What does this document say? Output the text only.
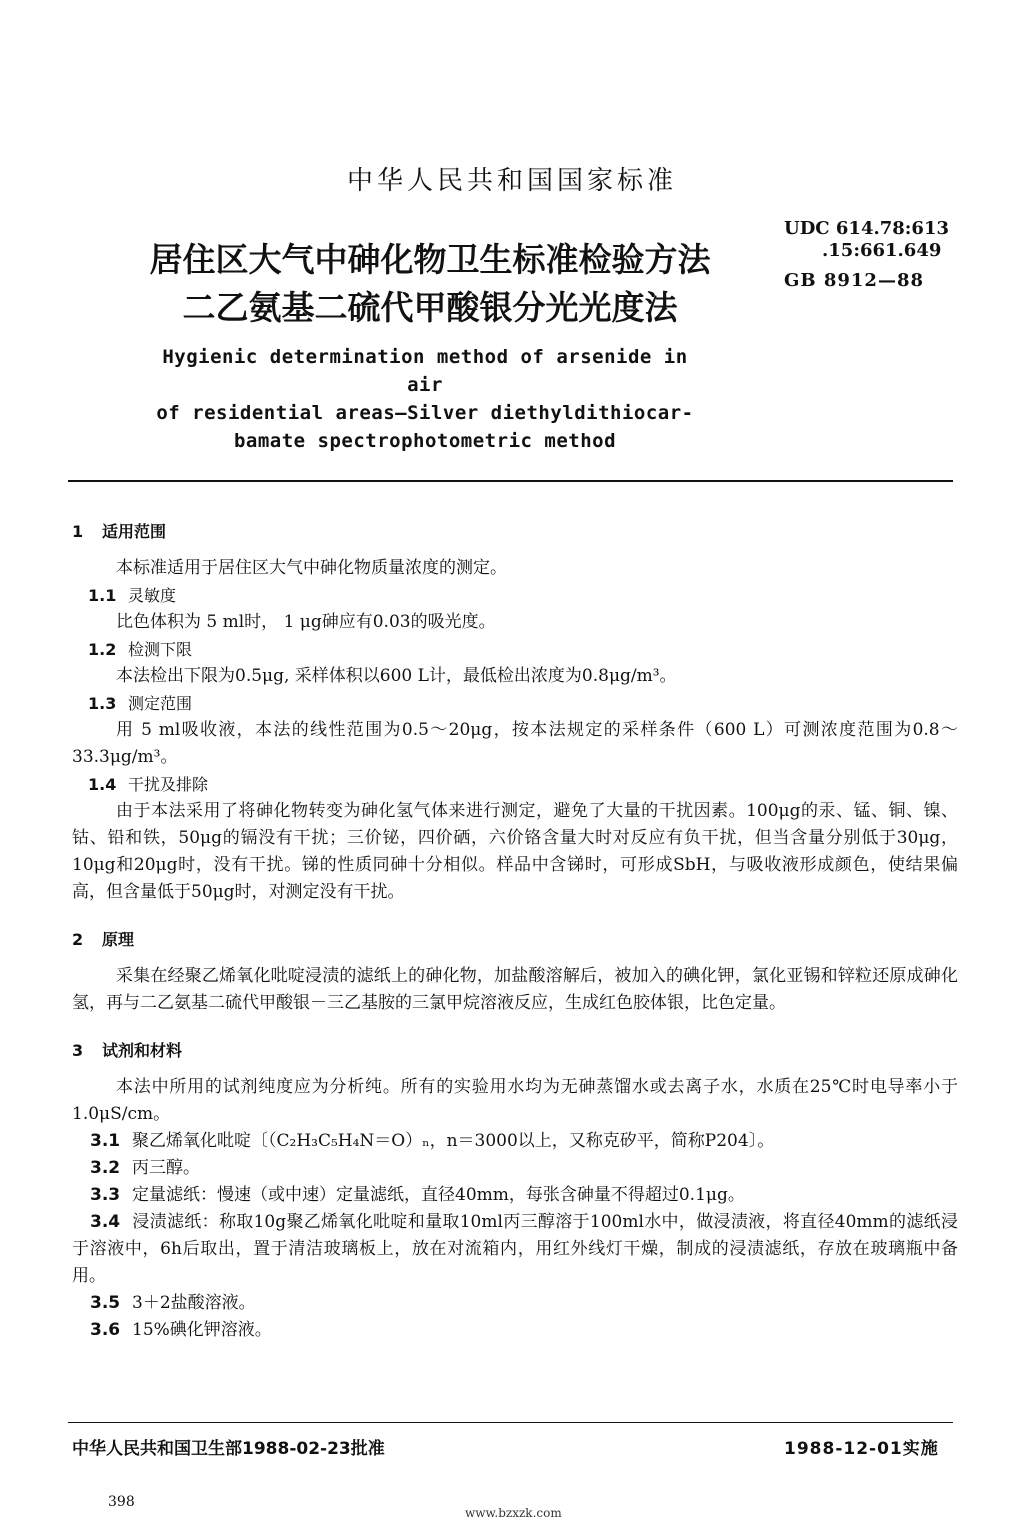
中华人民共和国国家标准
居住区大气中砷化物卫生标准检验方法
二乙氨基二硫代甲酸银分光光度法
UDC 614.78:613
.15:661.649
GB 8912—88
Hygienic determination method of arsenide in air
of residential areas—Silver diethyldithiocar-
bamate spectrophotometric method
1 适用范围
本标准适用于居住区大气中砷化物质量浓度的测定。
1.1 灵敏度
比色体积为 5 ml时， 1 μg砷应有0.03的吸光度。
1.2 检测下限
本法检出下限为0.5μg, 采样体积以600 L计，最低检出浓度为0.8μg/m³。
1.3 测定范围
用 5 ml吸收液，本法的线性范围为0.5～20μg，按本法规定的采样条件（600 L）可测浓度范围为0.8～33.3μg/m³。
1.4 干扰及排除
由于本法采用了将砷化物转变为砷化氢气体来进行测定，避免了大量的干扰因素。100μg的汞、锰、铜、镍、钴、铅和铁，50μg的镉没有干扰；三价铋，四价硒，六价铬含量大时对反应有负干扰，但当含量分别低于30μg，10μg和20μg时，没有干扰。锑的性质同砷十分相似。样品中含锑时，可形成SbH，与吸收液形成颜色，使结果偏高，但含量低于50μg时，对测定没有干扰。
2 原理
采集在经聚乙烯氧化吡啶浸渍的滤纸上的砷化物，加盐酸溶解后，被加入的碘化钾，氯化亚锡和锌粒还原成砷化氢，再与二乙氨基二硫代甲酸银－三乙基胺的三氯甲烷溶液反应，生成红色胶体银，比色定量。
3 试剂和材料
本法中所用的试剂纯度应为分析纯。所有的实验用水均为无砷蒸馏水或去离子水，水质在25℃时电导率小于1.0μS/cm。
3.1 聚乙烯氧化吡啶〔（C₂H₃C₅H₄N＝O）ₙ，n＝3000以上，又称克矽平，简称P204〕。
3.2 丙三醇。
3.3 定量滤纸：慢速（或中速）定量滤纸，直径40mm，每张含砷量不得超过0.1μg。
3.4 浸渍滤纸：称取10g聚乙烯氧化吡啶和量取10ml丙三醇溶于100ml水中，做浸渍液，将直径40mm的滤纸浸于溶液中，6h后取出，置于清洁玻璃板上，放在对流箱内，用红外线灯干燥，制成的浸渍滤纸，存放在玻璃瓶中备用。
3.5 3＋2盐酸溶液。
3.6 15%碘化钾溶液。
中华人民共和国卫生部1988-02-23批准	1988-12-01实施
398
www.bzxzk.com
